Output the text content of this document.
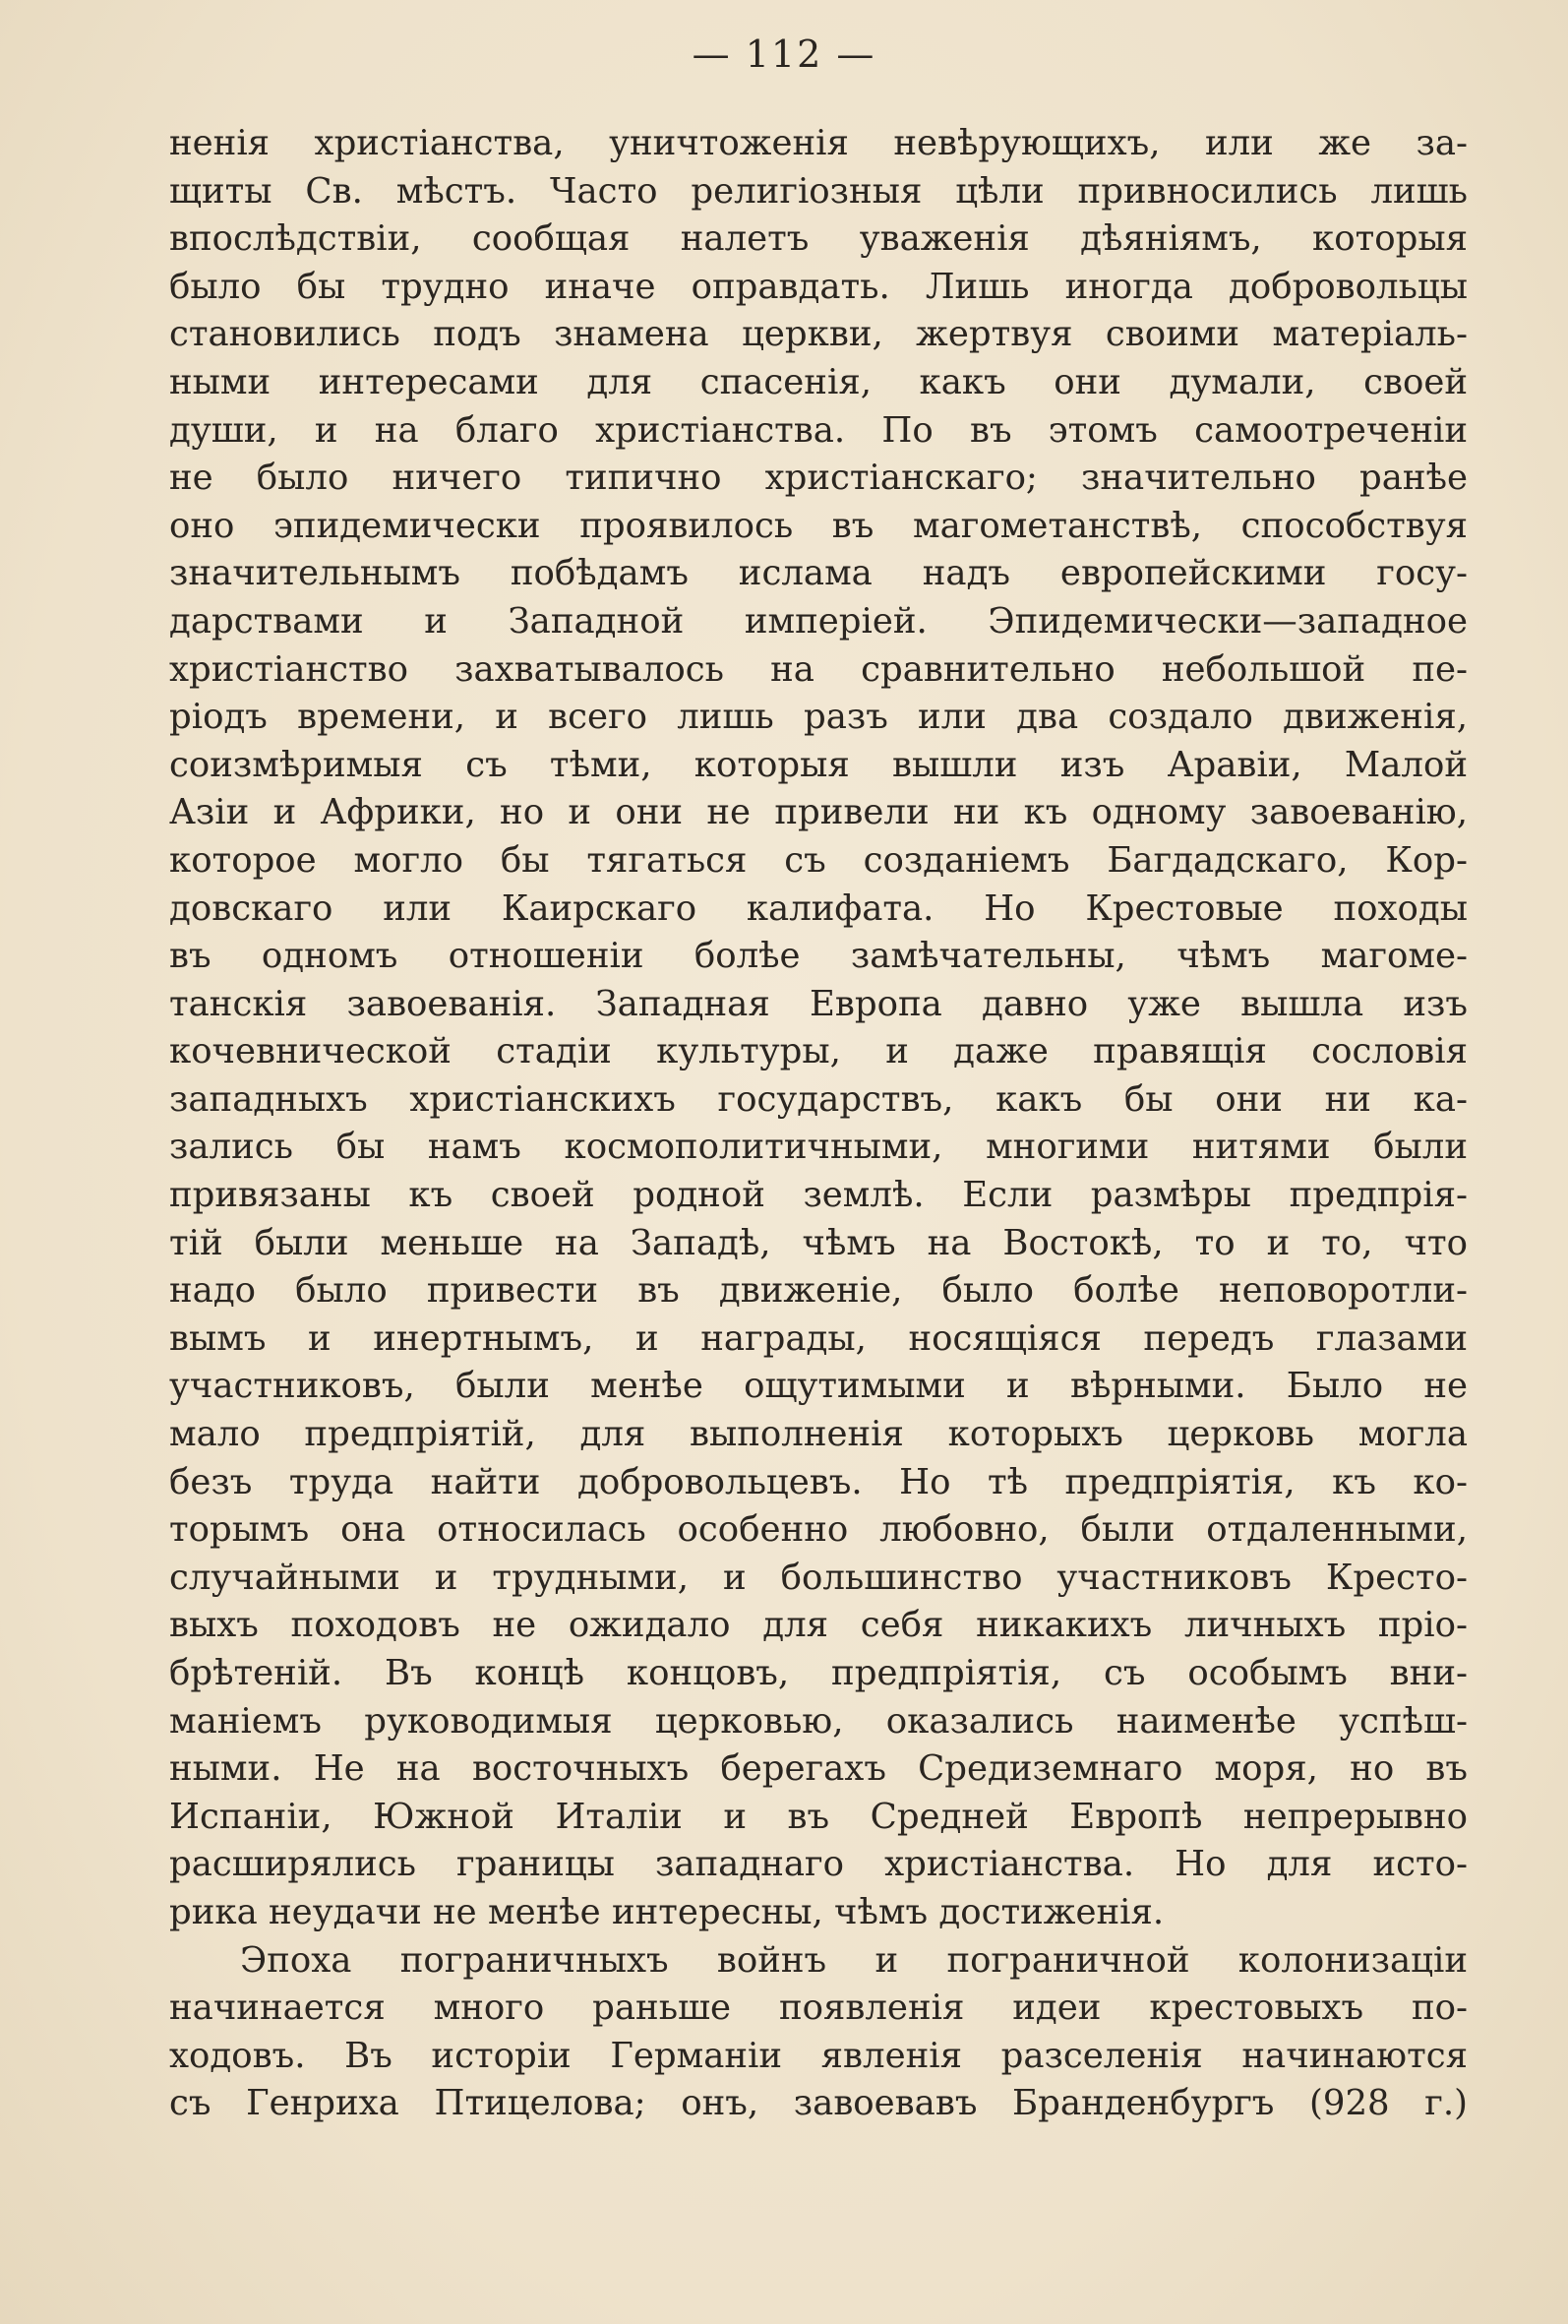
— 112 —
ненія христіанства, уничтоженія невѣрующихъ, или же за-
щиты Св. мѣстъ. Часто религіозныя цѣли привносились лишь
впослѣдствіи, сообщая налетъ уваженія дѣяніямъ, которыя
было бы трудно иначе оправдать. Лишь иногда добровольцы
становились подъ знамена церкви, жертвуя своими матеріаль-
ными интересами для спасенія, какъ они думали, своей
души, и на благо христіанства. По въ этомъ самоотреченіи
не было ничего типично христіанскаго; значительно ранѣе
оно эпидемически проявилось въ магометанствѣ, способствуя
значительнымъ побѣдамъ ислама надъ европейскими госу-
дарствами и Западной имперіей. Эпидемически—западное
христіанство захватывалось на сравнительно небольшой пе-
ріодъ времени, и всего лишь разъ или два создало движенія,
соизмѣримыя съ тѣми, которыя вышли изъ Аравіи, Малой
Азіи и Африки, но и они не привели ни къ одному завоеванію,
которое могло бы тягаться съ созданіемъ Багдадскаго, Кор-
довскаго или Каирскаго калифата. Но Крестовые походы
въ одномъ отношеніи болѣе замѣчательны, чѣмъ магоме-
танскія завоеванія. Западная Европа давно уже вышла изъ
кочевнической стадіи культуры, и даже правящія сословія
западныхъ христіанскихъ государствъ, какъ бы они ни ка-
зались бы намъ космополитичными, многими нитями были
привязаны къ своей родной землѣ. Если размѣры предпрія-
тій были меньше на Западѣ, чѣмъ на Востокѣ, то и то, что
надо было привести въ движеніе, было болѣе неповоротли-
вымъ и инертнымъ, и награды, носящіяся передъ глазами
участниковъ, были менѣе ощутимыми и вѣрными. Было не
мало предпріятій, для выполненія которыхъ церковь могла
безъ труда найти добровольцевъ. Но тѣ предпріятія, къ ко-
торымъ она относилась особенно любовно, были отдаленными,
случайными и трудными, и большинство участниковъ Кресто-
выхъ походовъ не ожидало для себя никакихъ личныхъ пріо-
брѣтеній. Въ концѣ концовъ, предпріятія, съ особымъ вни-
маніемъ руководимыя церковью, оказались наименѣе успѣш-
ными. Не на восточныхъ берегахъ Средиземнаго моря, но въ
Испаніи, Южной Италіи и въ Средней Европѣ непрерывно
расширялись границы западнаго христіанства. Но для исто-
рика неудачи не менѣе интересны, чѣмъ достиженія.
Эпоха пограничныхъ войнъ и пограничной колонизаціи
начинается много раньше появленія идеи крестовыхъ по-
ходовъ. Въ исторіи Германіи явленія разселенія начинаются
съ Генриха Птицелова; онъ, завоевавъ Бранденбургъ (928 г.)
